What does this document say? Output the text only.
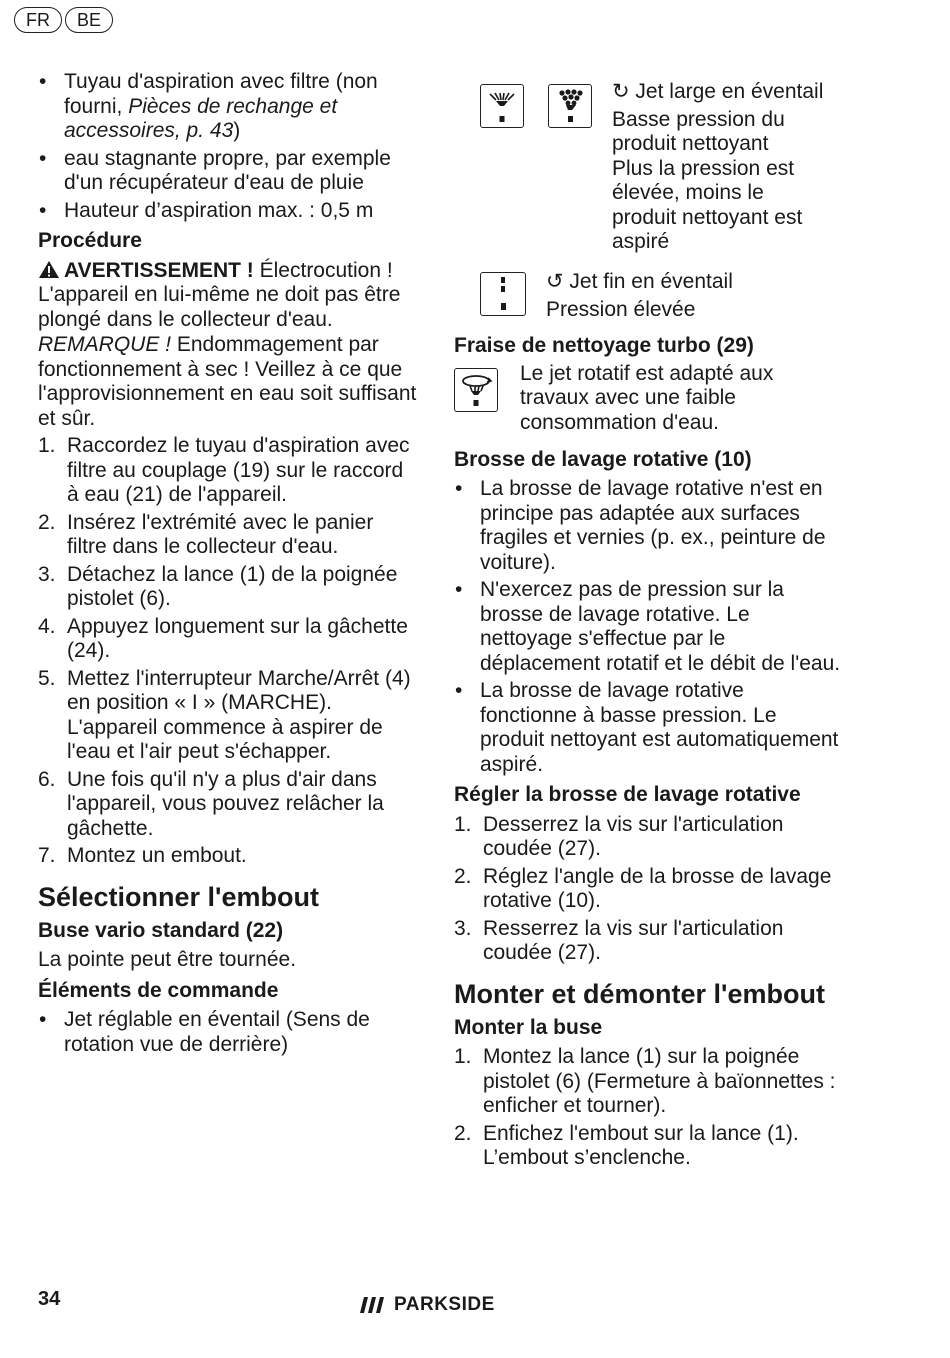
FR	BE
• Tuyau d'aspiration avec filtre (non fourni, Pièces de rechange et accessoires, p. 43)
• eau stagnante propre, par exemple d'un récupérateur d'eau de pluie
• Hauteur d’aspiration max. : 0,5 m

Procédure

AVERTISSEMENT ! Électrocution ! L'appareil en lui-même ne doit pas être plongé dans le collecteur d'eau.

REMARQUE ! Endommagement par fonctionnement à sec ! Veillez à ce que l'approvisionnement en eau soit suffisant et sûr.

1. Raccordez le tuyau d'aspiration avec filtre au couplage (19) sur le raccord à eau (21) de l'appareil.
2. Insérez l'extrémité avec le panier filtre dans le collecteur d'eau.
3. Détachez la lance (1) de la poignée pistolet (6).
4. Appuyez longuement sur la gâchette (24).
5. Mettez l'interrupteur Marche/Arrêt (4) en position « I » (MARCHE). L'appareil commence à aspirer de l'eau et l'air peut s'échapper.
6. Une fois qu'il n'y a plus d'air dans l'appareil, vous pouvez relâcher la gâchette.
7. Montez un embout.

Sélectionner l'embout

Buse vario standard (22)

La pointe peut être tournée.

Éléments de commande

• Jet réglable en éventail (Sens de rotation vue de derrière)

↻ Jet large en éventail

Basse pression du produit nettoyant

Plus la pression est élevée, moins le produit nettoyant est aspiré

↺ Jet fin en éventail

Pression élevée

Fraise de nettoyage turbo (29)

Le jet rotatif est adapté aux travaux avec une faible consommation d'eau.

Brosse de lavage rotative (10)

• La brosse de lavage rotative n'est en principe pas adaptée aux surfaces fragiles et vernies (p. ex., peinture de voiture).
• N'exercez pas de pression sur la brosse de lavage rotative. Le nettoyage s'effectue par le déplacement rotatif et le débit de l'eau.
• La brosse de lavage rotative fonctionne à basse pression. Le produit nettoyant est automatiquement aspiré.

Régler la brosse de lavage rotative

1. Desserrez la vis sur l'articulation coudée (27).
2. Réglez l'angle de la brosse de lavage rotative (10).
3. Resserrez la vis sur l'articulation coudée (27).

Monter et démonter l'embout

Monter la buse

1. Montez la lance (1) sur la poignée pistolet (6) (Fermeture à baïonnettes : enficher et tourner).
2. Enfichez l'embout sur la lance (1). L’embout s’enclenche.
34	PARKSIDE
